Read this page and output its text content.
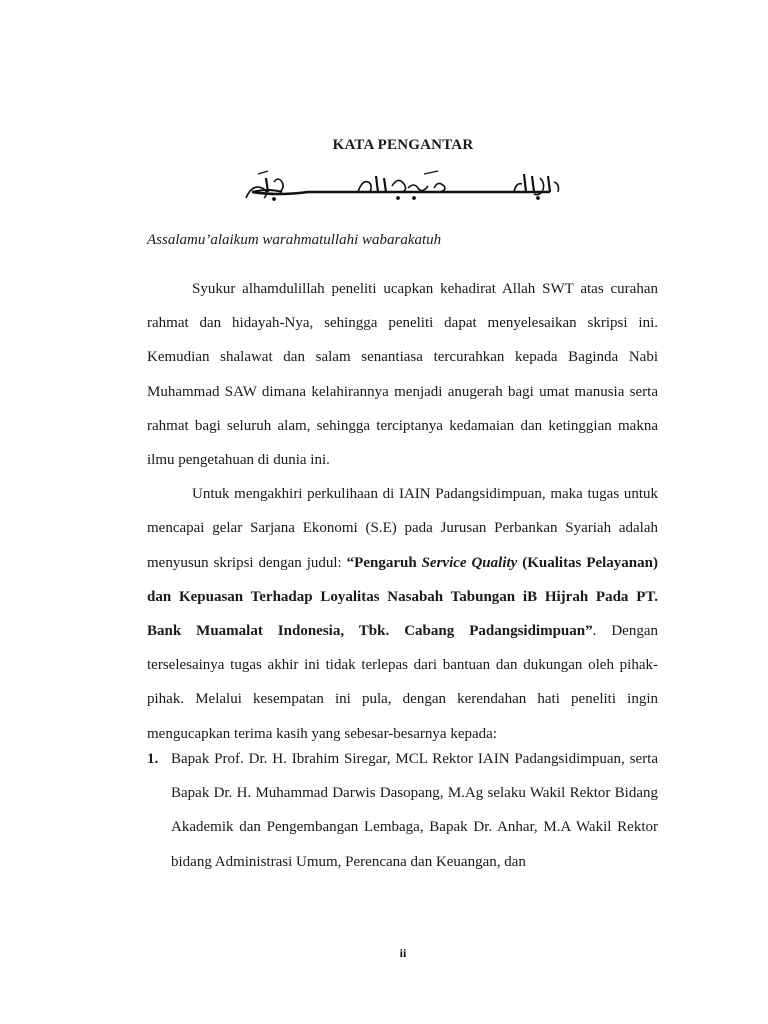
KATA PENGANTAR
Assalamu’alaikum warahmatullahi wabarakatuh

Syukur alhamdulillah peneliti ucapkan kehadirat Allah SWT atas curahan rahmat dan hidayah-Nya, sehingga peneliti dapat menyelesaikan skripsi ini. Kemudian shalawat dan salam senantiasa tercurahkan kepada Baginda Nabi Muhammad SAW dimana kelahirannya menjadi anugerah bagi umat manusia serta rahmat bagi seluruh alam, sehingga terciptanya kedamaian dan ketinggian makna ilmu pengetahuan di dunia ini.

Untuk mengakhiri perkulihaan di IAIN Padangsidimpuan, maka tugas untuk mencapai gelar Sarjana Ekonomi (S.E) pada Jurusan Perbankan Syariah adalah menyusun skripsi dengan judul: “Pengaruh Service Quality (Kualitas Pelayanan) dan Kepuasan Terhadap Loyalitas Nasabah Tabungan iB Hijrah Pada PT. Bank Muamalat Indonesia, Tbk. Cabang Padangsidimpuan”. Dengan terselesainya tugas akhir ini tidak terlepas dari bantuan dan dukungan oleh pihak-pihak. Melalui kesempatan ini pula, dengan kerendahan hati peneliti ingin mengucapkan terima kasih yang sebesar-besarnya kepada:

1. Bapak Prof. Dr. H. Ibrahim Siregar, MCL Rektor IAIN Padangsidimpuan, serta Bapak Dr. H. Muhammad Darwis Dasopang, M.Ag selaku Wakil Rektor Bidang Akademik dan Pengembangan Lembaga, Bapak Dr. Anhar, M.A Wakil Rektor bidang Administrasi Umum, Perencana dan Keuangan, dan
ii
